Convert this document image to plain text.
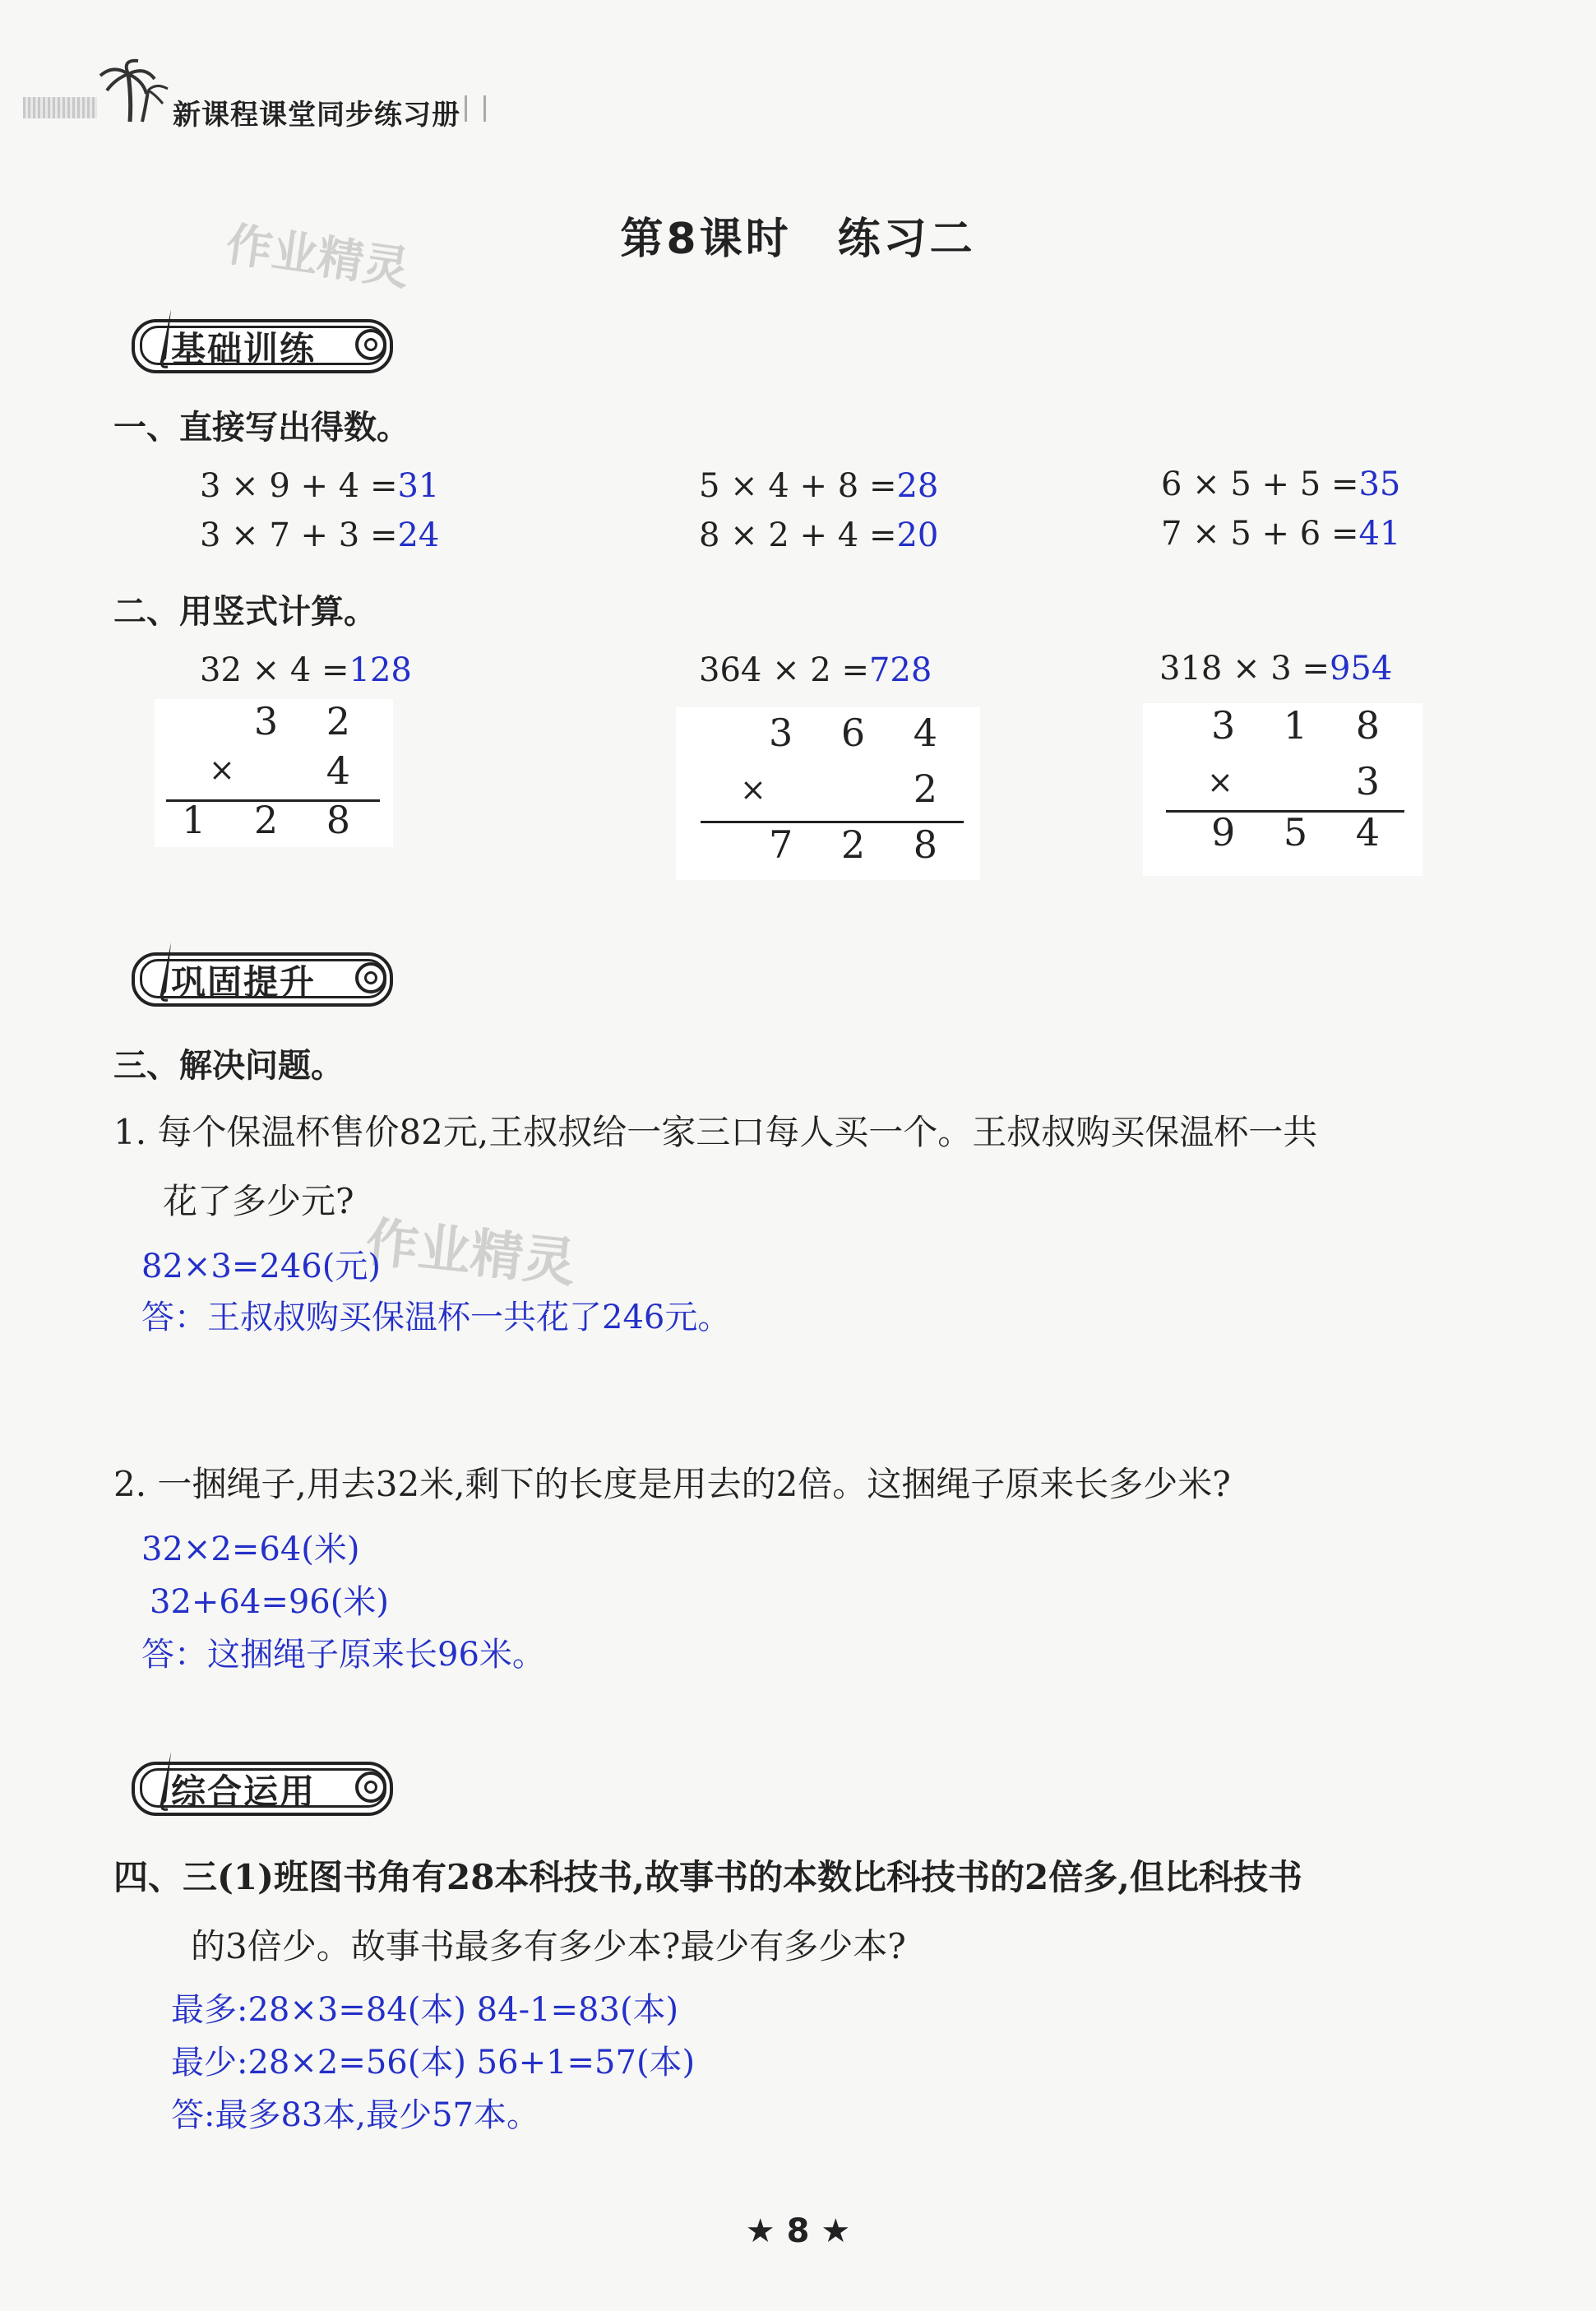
新课程课堂同步练习册
作业精灵
作业精灵
第8课时　练习二
基础训练
一、直接写出得数。
3 × 9 + 4 =31	5 × 4 + 8 =28	6 × 5 + 5 =35
3 × 7 + 3 =24	8 × 2 + 4 =20	7 × 5 + 6 =41
二、用竖式计算。
32 × 4 =128	364 × 2 =728	318 × 3 =954
3 2
× 4
1 2 8
3 6 4
×	2
7 2 8
3 1 8
×	3
9 5 4
巩固提升
三、解决问题。
1. 每个保温杯售价82元,王叔叔给一家三口每人买一个。王叔叔购买保温杯一共
花了多少元?
82×3=246(元)
答：王叔叔购买保温杯一共花了246元。
2. 一捆绳子,用去32米,剩下的长度是用去的2倍。这捆绳子原来长多少米?
32×2=64(米)
32+64=96(米)
答：这捆绳子原来长96米。
综合运用
四、三(1)班图书角有28本科技书,故事书的本数比科技书的2倍多,但比科技书
的3倍少。故事书最多有多少本?最少有多少本?
最多:28×3=84(本) 84-1=83(本)
最少:28×2=56(本) 56+1=57(本)
答:最多83本,最少57本。
★ 8 ★
